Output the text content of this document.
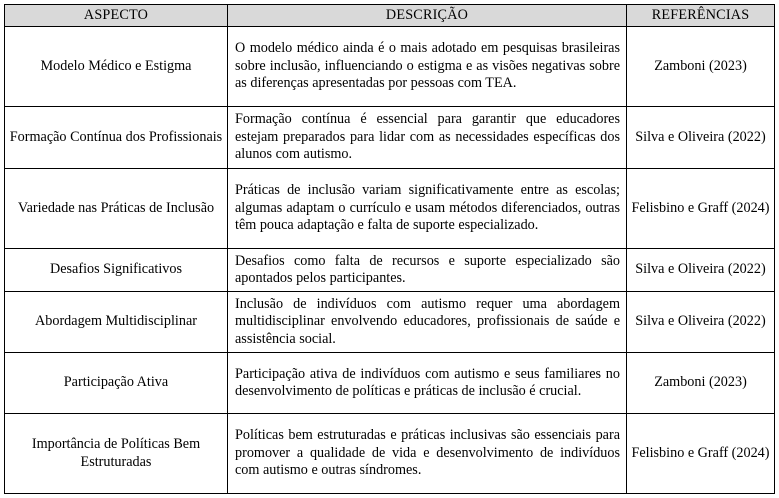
ASPECTO	DESCRIÇÃO	REFERÊNCIAS
Modelo Médico e Estigma	O modelo médico ainda é o mais adotado em pesquisas brasileiras sobre inclusão, influenciando o estigma e as visões negativas sobre as diferenças apresentadas por pessoas com TEA.	Zamboni (2023)
Formação Contínua dos Profissionais	Formação contínua é essencial para garantir que educadores estejam preparados para lidar com as necessidades específicas dos alunos com autismo.	Silva e Oliveira (2022)
Variedade nas Práticas de Inclusão	Práticas de inclusão variam significativamente entre as escolas; algumas adaptam o currículo e usam métodos diferenciados, outras têm pouca adaptação e falta de suporte especializado.	Felisbino e Graff (2024)
Desafios Significativos	Desafios como falta de recursos e suporte especializado são apontados pelos participantes.	Silva e Oliveira (2022)
Abordagem Multidisciplinar	Inclusão de indivíduos com autismo requer uma abordagem multidisciplinar envolvendo educadores, profissionais de saúde e assistência social.	Silva e Oliveira (2022)
Participação Ativa	Participação ativa de indivíduos com autismo e seus familiares no desenvolvimento de políticas e práticas de inclusão é crucial.	Zamboni (2023)
Importância de Políticas Bem Estruturadas	Políticas bem estruturadas e práticas inclusivas são essenciais para promover a qualidade de vida e desenvolvimento de indivíduos com autismo e outras síndromes.	Felisbino e Graff (2024)
